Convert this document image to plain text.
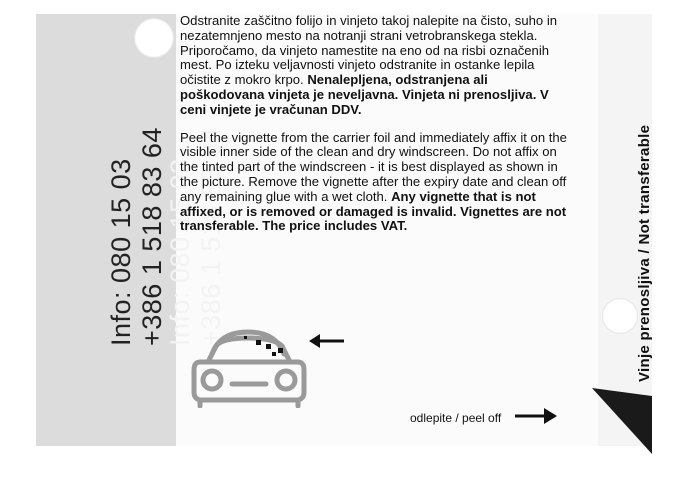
Info: 080 15 03 +386 1 518 83 64
Info: 080 15 03 +386 1 518 83 64

Odstranite zaščitno folijo in vinjeto takoj nalepite na čisto, suho in nezatemnjeno mesto na notranji strani vetrobranskega stekla. Priporočamo, da vinjeto namestite na eno od na risbi označenih mest. Po izteku veljavnosti vinjeto odstranite in ostanke lepila očistite z mokro krpo. Nenalepljena, odstranjena ali poškodovana vinjeta je neveljavna. Vinjeta ni prenosljiva. V ceni vinjete je vračunan DDV.

Peel the vignette from the carrier foil and immediately affix it on the visible inner side of the clean and dry windscreen. Do not affix on the tinted part of the windscreen - it is best displayed as shown in the picture. Remove the vignette after the expiry date and clean off any remaining glue with a wet cloth. Any vignette that is not affixed, or is removed or damaged is invalid. Vignettes are not transferable. The price includes VAT.	Vinje prenosljiva / Not transferable
odlepite / peel off
